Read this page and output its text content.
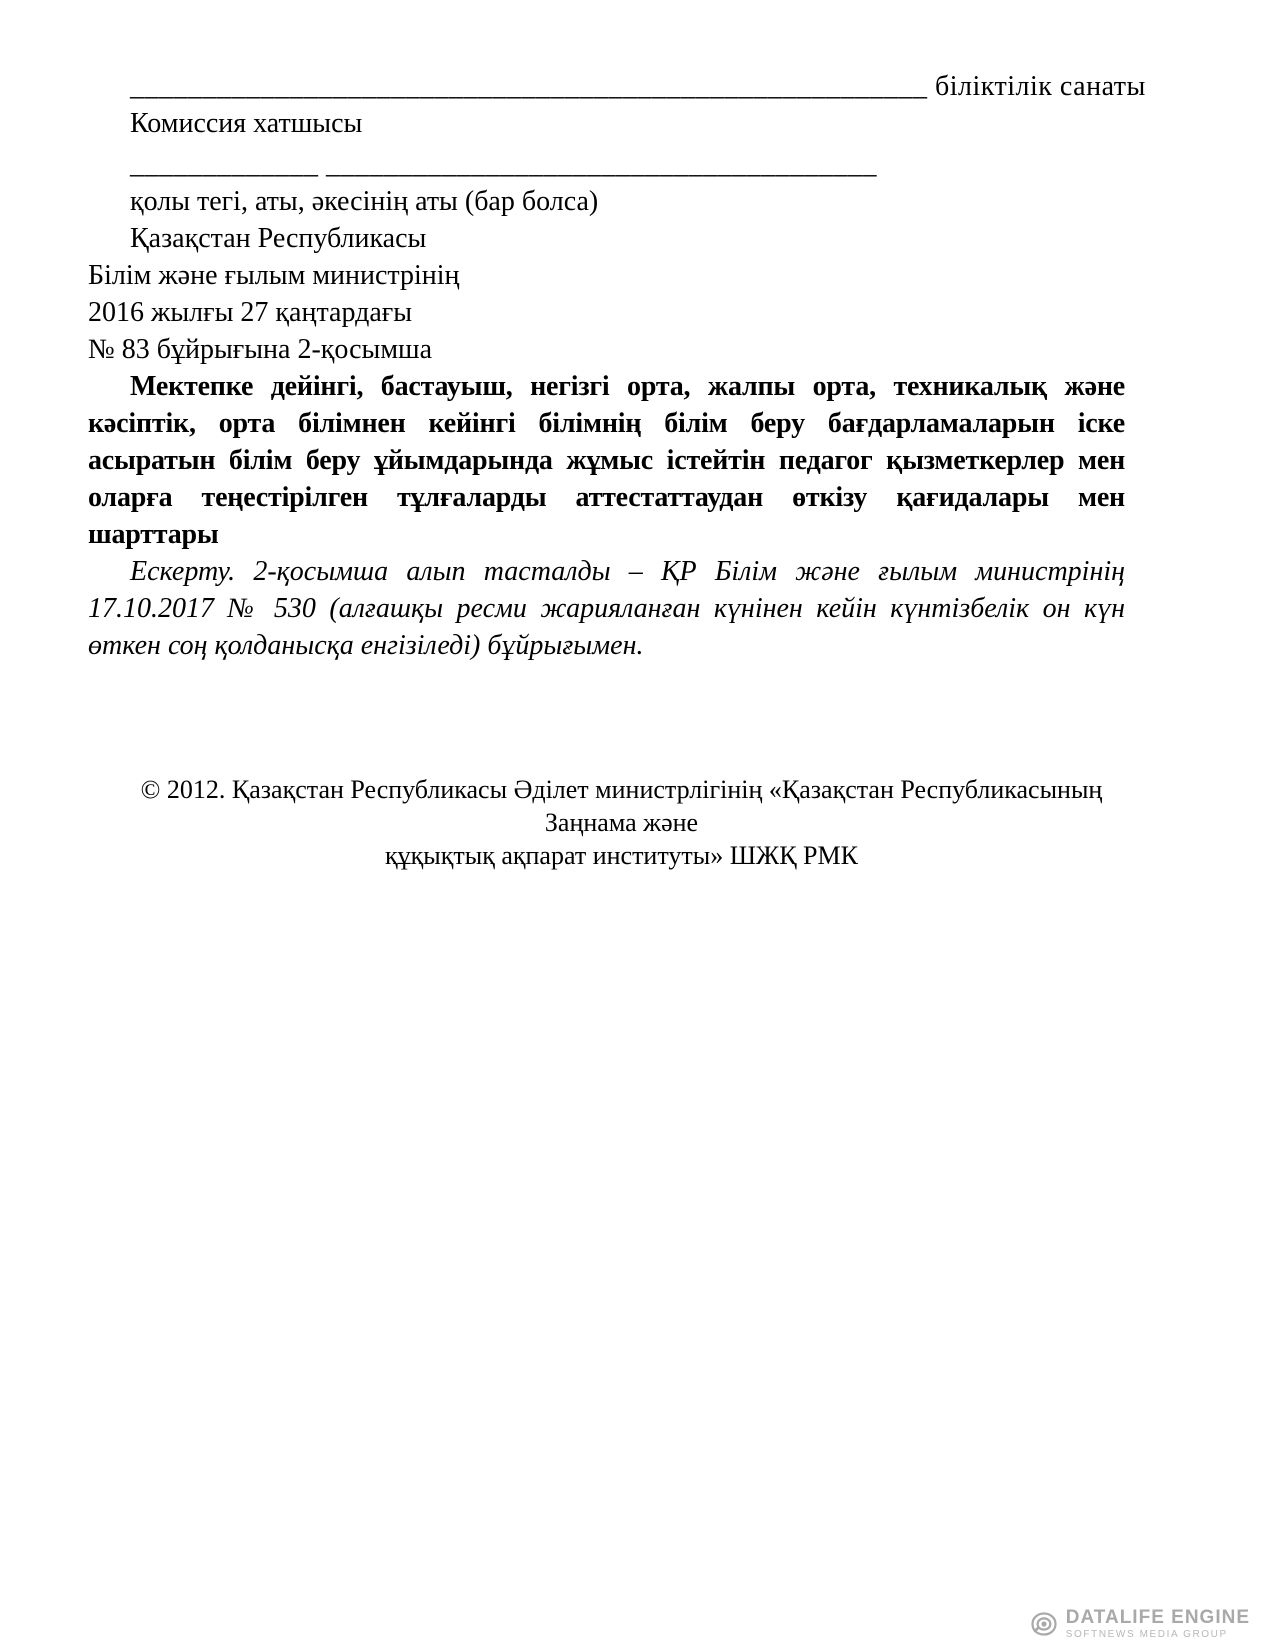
_______________________________________________________ біліктілік санаты
Комиссия хатшысы
_____________ ______________________________________
қолы тегі, аты, әкесінің аты (бар болса)
Қазақстан Республикасы
Білім және ғылым министрінің
2016 жылғы 27 қаңтардағы
№ 83 бұйрығына 2-қосымша

Мектепке дейінгі, бастауыш, негізгі орта, жалпы орта, техникалық және кәсіптік, орта білімнен кейінгі білімнің білім беру бағдарламаларын іске асыратын білім беру ұйымдарында жұмыс істейтін педагог қызметкерлер мен оларға теңестірілген тұлғаларды аттестаттаудан өткізу қағидалары мен шарттары

Ескерту. 2-қосымша алып тасталды – ҚР Білім және ғылым министрінің 17.10.2017 № 530 (алғашқы ресми жарияланған күнінен кейін күнтізбелік он күн өткен соң қолданысқа енгізіледі) бұйрығымен.

© 2012. Қазақстан Республикасы Әділет министрлігінің «Қазақстан Республикасының Заңнама және
құқықтық ақпарат институты» ШЖҚ РМК
DATALIFE ENGINE
SOFTNEWS MEDIA GROUP
